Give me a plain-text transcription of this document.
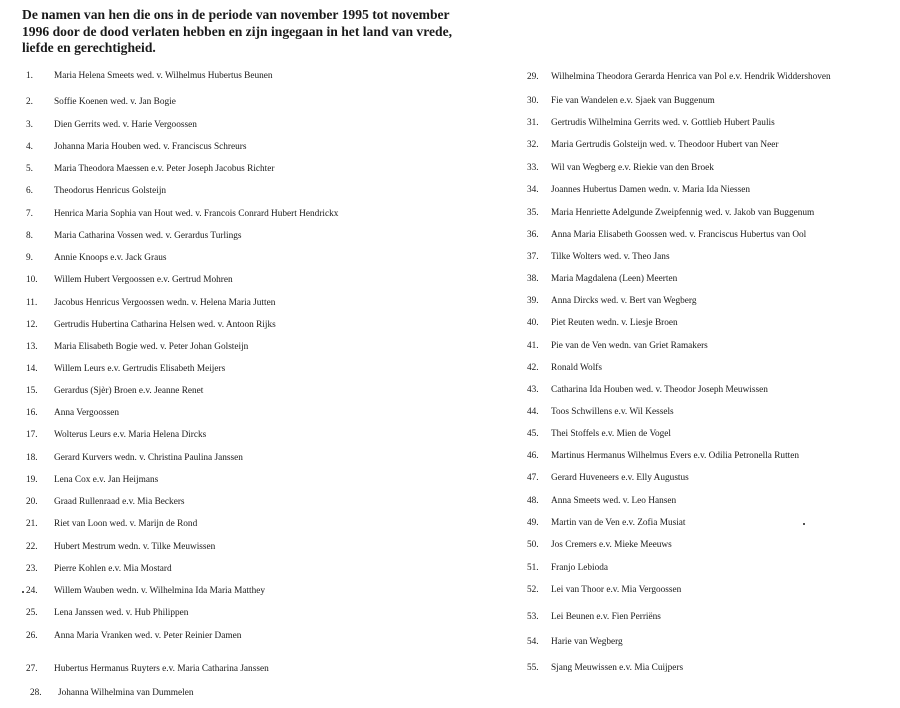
De namen van hen die ons in de periode van november 1995 tot november 1996 door de dood verlaten hebben en zijn ingegaan in het land van vrede, liefde en gerechtigheid.

1. Maria Helena Smeets wed. v. Wilhelmus Hubertus Beunen
2. Soffie Koenen wed. v. Jan Bogie
3. Dien Gerrits wed. v. Harie Vergoossen
4. Johanna Maria Houben wed. v. Franciscus Schreurs
5. Maria Theodora Maessen e.v. Peter Joseph Jacobus Richter
6. Theodorus Henricus Golsteijn
7. Henrica Maria Sophia van Hout wed. v. Francois Conrard Hubert Hendrickx
8. Maria Catharina Vossen wed. v. Gerardus Turlings
9. Annie Knoops e.v. Jack Graus
10. Willem Hubert Vergoossen e.v. Gertrud Mohren
11. Jacobus Henricus Vergoossen wedn. v. Helena Maria Jutten
12. Gertrudis Hubertina Catharina Helsen wed. v. Antoon Rijks
13. Maria Elisabeth Bogie wed. v. Peter Johan Golsteijn
14. Willem Leurs e.v. Gertrudis Elisabeth Meijers
15. Gerardus (Sjèr) Broen e.v. Jeanne Renet
16. Anna Vergoossen
17. Wolterus Leurs e.v. Maria Helena Dircks
18. Gerard Kurvers wedn. v. Christina Paulina Janssen
19. Lena Cox e.v. Jan Heijmans
20. Graad Rullenraad e.v. Mia Beckers
21. Riet van Loon wed. v. Marijn de Rond
22. Hubert Mestrum wedn. v. Tilke Meuwissen
23. Pierre Kohlen e.v. Mia Mostard
24. Willem Wauben wedn. v. Wilhelmina Ida Maria Matthey
25. Lena Janssen wed. v. Hub Philippen
26. Anna Maria Vranken wed. v. Peter Reinier Damen
27. Hubertus Hermanus Ruyters e.v. Maria Catharina Janssen
28. Johanna Wilhelmina van Dummelen
29. Wilhelmina Theodora Gerarda Henrica van Pol e.v. Hendrik Widdershoven
30. Fie van Wandelen e.v. Sjaek van Buggenum
31. Gertrudis Wilhelmina Gerrits wed. v. Gottlieb Hubert Paulis
32. Maria Gertrudis Golsteijn wed. v. Theodoor Hubert van Neer
33. Wil van Wegberg e.v. Riekie van den Broek
34. Joannes Hubertus Damen wedn. v. Maria Ida Niessen
35. Maria Henriette Adelgunde Zweipfennig wed. v. Jakob van Buggenum
36. Anna Maria Elisabeth Goossen wed. v. Franciscus Hubertus van Ool
37. Tilke Wolters wed. v. Theo Jans
38. Maria Magdalena (Leen) Meerten
39. Anna Dircks wed. v. Bert van Wegberg
40. Piet Reuten wedn. v. Liesje Broen
41. Pie van de Ven wedn. van Griet Ramakers
42. Ronald Wolfs
43. Catharina Ida Houben wed. v. Theodor Joseph Meuwissen
44. Toos Schwillens e.v. Wil Kessels
45. Thei Stoffels e.v. Mien de Vogel
46. Martinus Hermanus Wilhelmus Evers e.v. Odilia Petronella Rutten
47. Gerard Huveneers e.v. Elly Augustus
48. Anna Smeets wed. v. Leo Hansen
49. Martin van de Ven e.v. Zofia Musiat
50. Jos Cremers e.v. Mieke Meeuws
51. Franjo Lebioda
52. Lei van Thoor e.v. Mia Vergoossen
53. Lei Beunen e.v. Fien Perriëns
54. Harie van Wegberg
55. Sjang Meuwissen e.v. Mia Cuijpers
